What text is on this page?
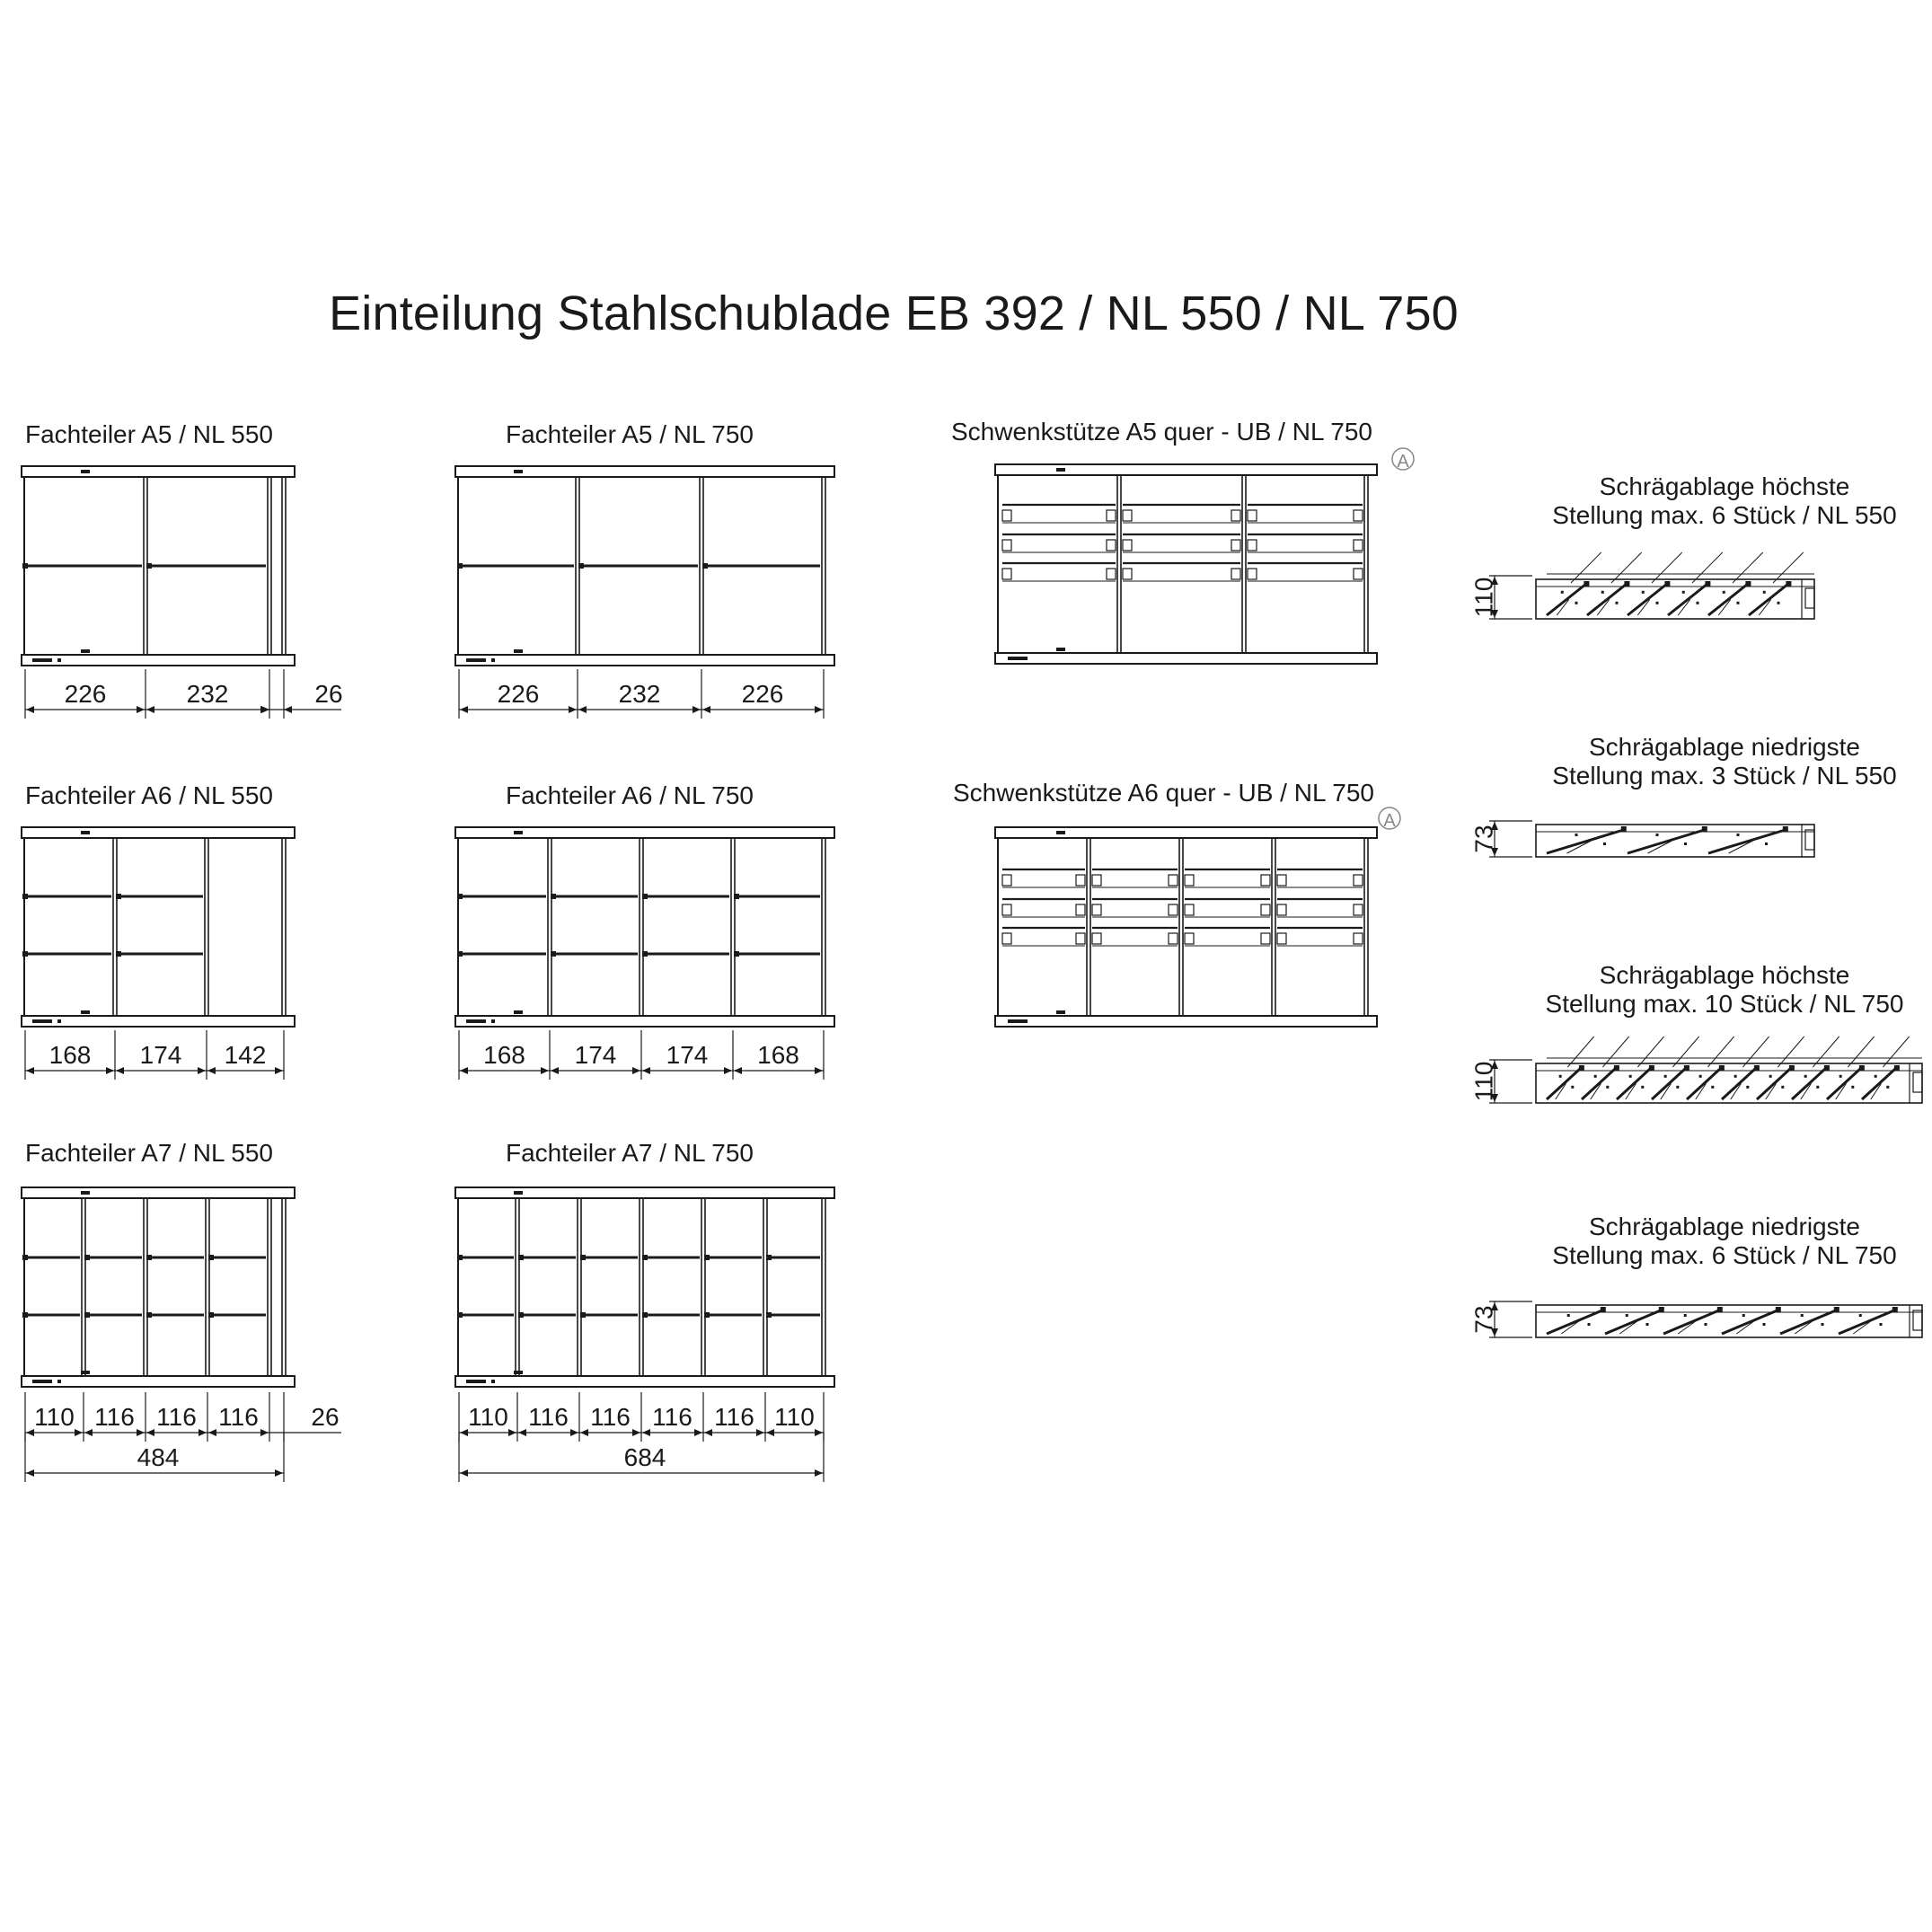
Einteilung Stahlschublade EB 392 / NL 550 / NL 750
Fachteiler A5 / NL 550	Fachteiler A5 / NL 750	Schwenkstütze A5 quer - UB / NL 750
Fachteiler A6 / NL 550	Fachteiler A6 / NL 750	Schwenkstütze A6 quer - UB / NL 750
Fachteiler A7 / NL 550	Fachteiler A7 / NL 750
Schrägablage höchste
Stellung max. 6 Stück / NL 550
Schrägablage niedrigste
Stellung max. 3 Stück / NL 550
Schrägablage höchste
Stellung max. 10 Stück / NL 750
Schrägablage niedrigste
Stellung max. 6 Stück / NL 750
226	232	26	226	232	226
A
168 174 142	168 174 174 168
A
110 116 116 116 26
484
110 116 116 116 116 110
684
110
73
110
73
